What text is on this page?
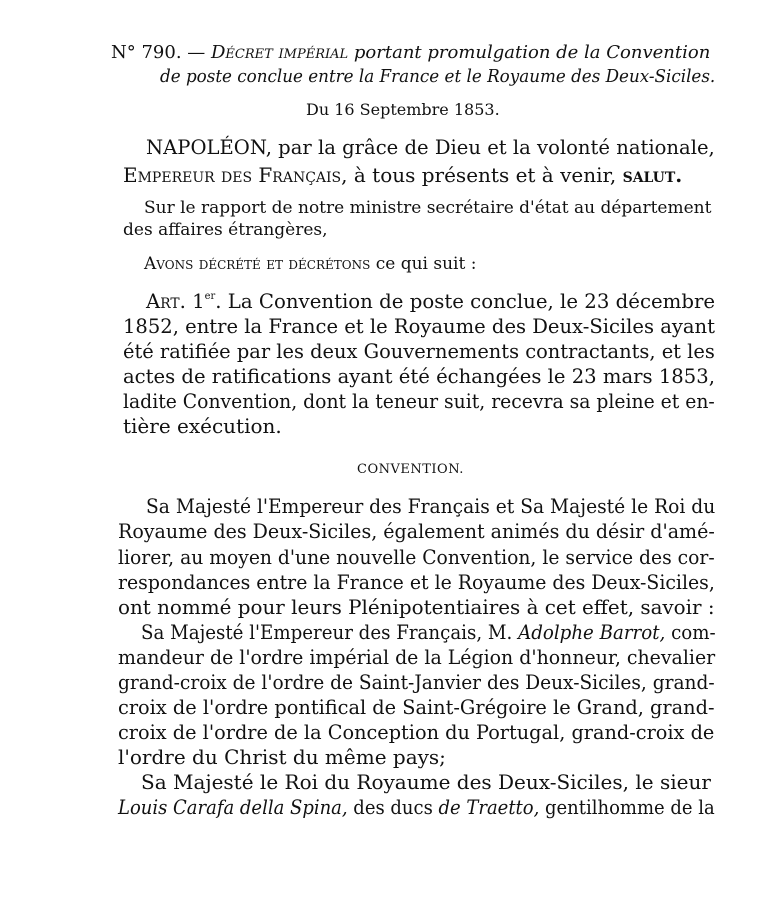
N° 790. — Décret impérial portant promulgation de la Convention
de poste conclue entre la France et le Royaume des Deux-Siciles.
Du 16 Septembre 1853.
NAPOLÉON, par la grâce de Dieu et la volonté nationale,
Empereur des Français, à tous présents et à venir, salut.
Sur le rapport de notre ministre secrétaire d'état au département
des affaires étrangères,
Avons décrété et décrétons ce qui suit :
Art. 1er. La Convention de poste conclue, le 23 décembre
1852, entre la France et le Royaume des Deux-Siciles ayant
été ratifiée par les deux Gouvernements contractants, et les
actes de ratifications ayant été échangées le 23 mars 1853,
ladite Convention, dont la teneur suit, recevra sa pleine et en-
tière exécution.
CONVENTION.
Sa Majesté l'Empereur des Français et Sa Majesté le Roi du
Royaume des Deux-Siciles, également animés du désir d'amé-
liorer, au moyen d'une nouvelle Convention, le service des cor-
respondances entre la France et le Royaume des Deux-Siciles,
ont nommé pour leurs Plénipotentiaires à cet effet, savoir :
Sa Majesté l'Empereur des Français, M. Adolphe Barrot, com-
mandeur de l'ordre impérial de la Légion d'honneur, chevalier
grand-croix de l'ordre de Saint-Janvier des Deux-Siciles, grand-
croix de l'ordre pontifical de Saint-Grégoire le Grand, grand-
croix de l'ordre de la Conception du Portugal, grand-croix de
l'ordre du Christ du même pays;
Sa Majesté le Roi du Royaume des Deux-Siciles, le sieur
Louis Carafa della Spina, des ducs de Traetto, gentilhomme de la
